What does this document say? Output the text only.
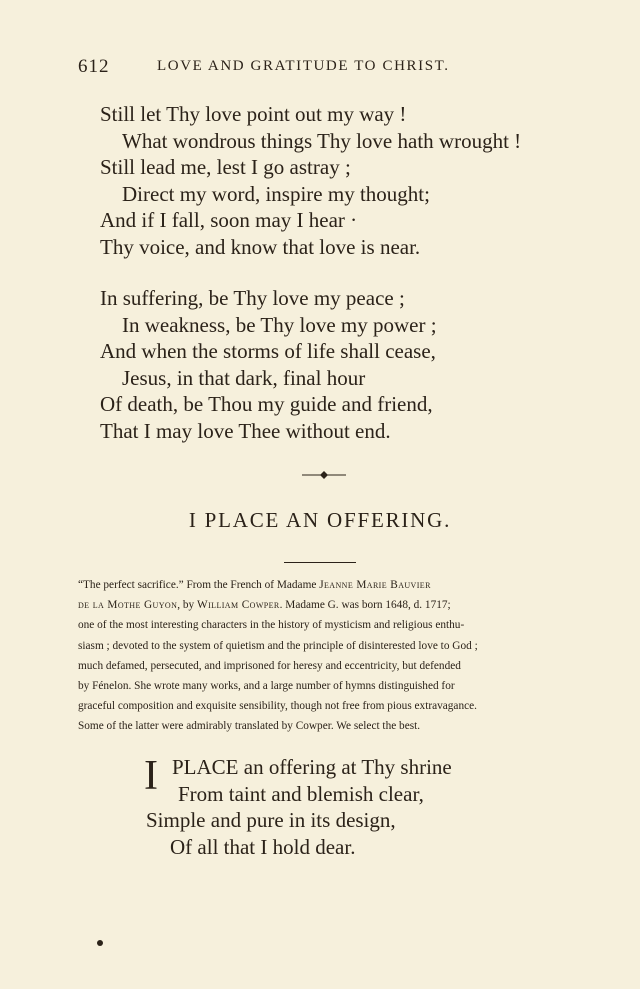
612	LOVE AND GRATITUDE TO CHRIST.
Still let Thy love point out my way !
What wondrous things Thy love hath wrought !
Still lead me, lest I go astray ;
Direct my word, inspire my thought;
And if I fall, soon may I hear ·
Thy voice, and know that love is near.
In suffering, be Thy love my peace ;
In weakness, be Thy love my power ;
And when the storms of life shall cease,
Jesus, in that dark, final hour
Of death, be Thou my guide and friend,
That I may love Thee without end.
I PLACE AN OFFERING.
“The perfect sacrifice.” From the French of Madame Jeanne Marie Bauvier
de la Mothe Guyon, by William Cowper. Madame G. was born 1648, d. 1717;
one of the most interesting characters in the history of mysticism and religious enthu-
siasm ; devoted to the system of quietism and the principle of disinterested love to God ;
much defamed, persecuted, and imprisoned for heresy and eccentricity, but defended
by Fénelon. She wrote many works, and a large number of hymns distinguished for
graceful composition and exquisite sensibility, though not free from pious extravagance.
Some of the latter were admirably translated by Cowper. We select the best.
I PLACE an offering at Thy shrine
From taint and blemish clear,
Simple and pure in its design,
Of all that I hold dear.
